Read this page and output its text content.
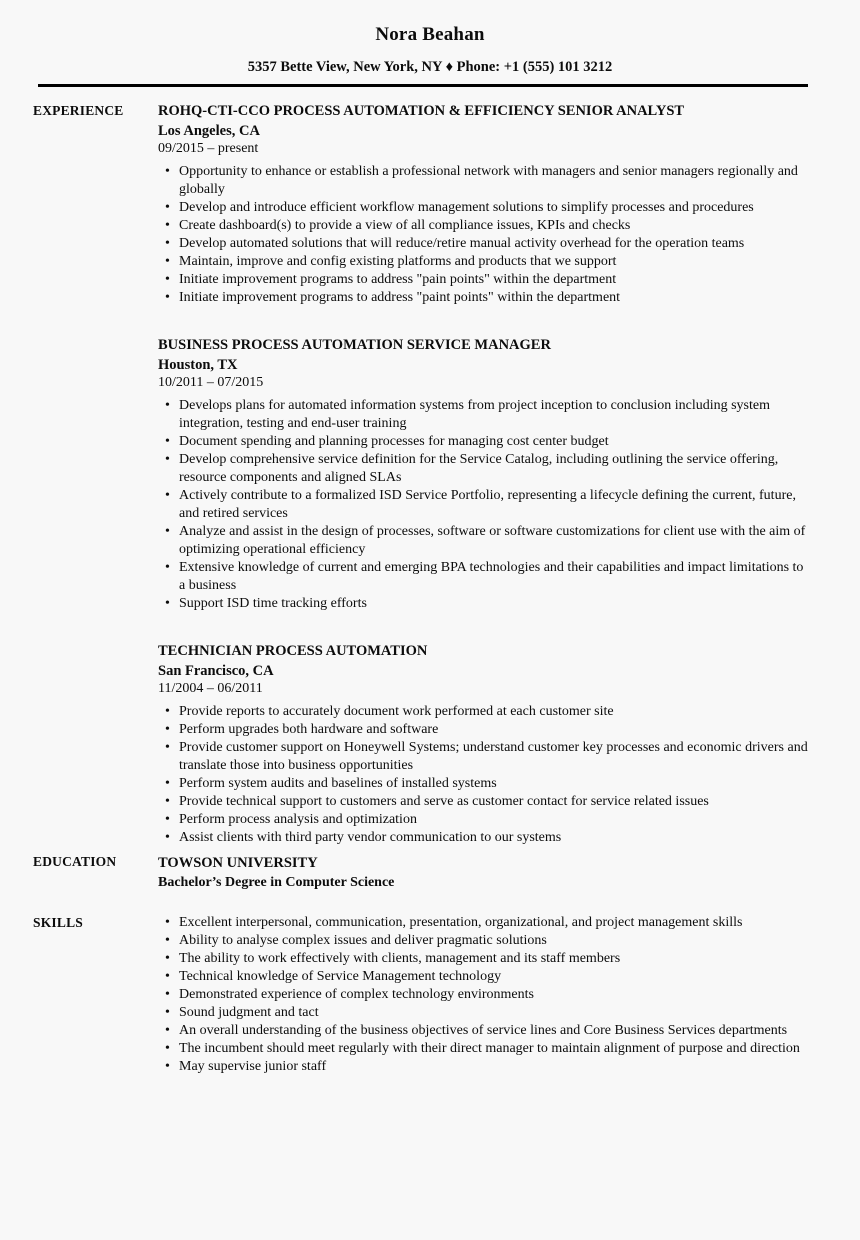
Nora Beahan

5357 Bette View, New York, NY ♦ Phone: +1 (555) 101 3212

EXPERIENCE	ROHQ-CTI-CCO PROCESS AUTOMATION & EFFICIENCY SENIOR ANALYST
Los Angeles, CA
09/2015 – present
• Opportunity to enhance or establish a professional network with managers and senior managers regionally and globally
• Develop and introduce efficient workflow management solutions to simplify processes and procedures
• Create dashboard(s) to provide a view of all compliance issues, KPIs and checks
• Develop automated solutions that will reduce/retire manual activity overhead for the operation teams
• Maintain, improve and config existing platforms and products that we support
• Initiate improvement programs to address "pain points" within the department
• Initiate improvement programs to address "paint points" within the department
BUSINESS PROCESS AUTOMATION SERVICE MANAGER
Houston, TX
10/2011 – 07/2015
• Develops plans for automated information systems from project inception to conclusion including system integration, testing and end-user training
• Document spending and planning processes for managing cost center budget
• Develop comprehensive service definition for the Service Catalog, including outlining the service offering, resource components and aligned SLAs
• Actively contribute to a formalized ISD Service Portfolio, representing a lifecycle defining the current, future, and retired services
• Analyze and assist in the design of processes, software or software customizations for client use with the aim of optimizing operational efficiency
• Extensive knowledge of current and emerging BPA technologies and their capabilities and impact limitations to a business
• Support ISD time tracking efforts
TECHNICIAN PROCESS AUTOMATION
San Francisco, CA
11/2004 – 06/2011
• Provide reports to accurately document work performed at each customer site
• Perform upgrades both hardware and software
• Provide customer support on Honeywell Systems; understand customer key processes and economic drivers and translate those into business opportunities
• Perform system audits and baselines of installed systems
• Provide technical support to customers and serve as customer contact for service related issues
• Perform process analysis and optimization
• Assist clients with third party vendor communication to our systems
EDUCATION	TOWSON UNIVERSITY
Bachelor’s Degree in Computer Science
SKILLS	• Excellent interpersonal, communication, presentation, organizational, and project management skills
• Ability to analyse complex issues and deliver pragmatic solutions
• The ability to work effectively with clients, management and its staff members
• Technical knowledge of Service Management technology
• Demonstrated experience of complex technology environments
• Sound judgment and tact
• An overall understanding of the business objectives of service lines and Core Business Services departments
• The incumbent should meet regularly with their direct manager to maintain alignment of purpose and direction
• May supervise junior staff
